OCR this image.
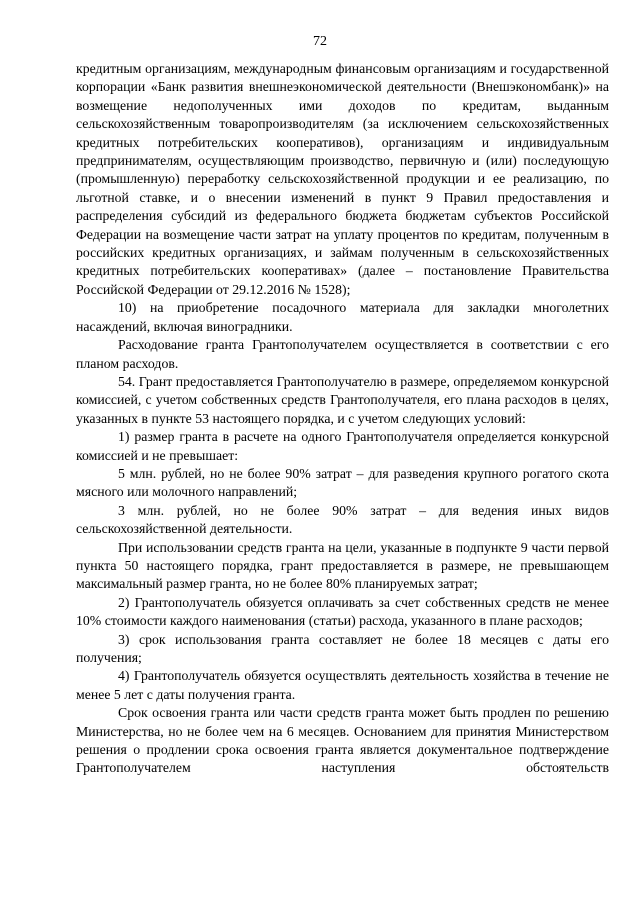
72

кредитным организациям, международным финансовым организациям и государственной корпорации «Банк развития внешнеэкономической деятельности (Внешэкономбанк)» на возмещение недополученных ими доходов по кредитам, выданным сельскохозяйственным товаропроизводителям (за исключением сельскохозяйственных кредитных потребительских кооперативов), организациям и индивидуальным предпринимателям, осуществляющим производство, первичную и (или) последующую (промышленную) переработку сельскохозяйственной продукции и ее реализацию, по льготной ставке, и о внесении изменений в пункт 9 Правил предоставления и распределения субсидий из федерального бюджета бюджетам субъектов Российской Федерации на возмещение части затрат на уплату процентов по кредитам, полученным в российских кредитных организациях, и займам полученным в сельскохозяйственных кредитных потребительских кооперативах» (далее – постановление Правительства Российской Федерации от 29.12.2016 № 1528);

10) на приобретение посадочного материала для закладки многолетних насаждений, включая виноградники.

Расходование гранта Грантополучателем осуществляется в соответствии с его планом расходов.

54. Грант предоставляется Грантополучателю в размере, определяемом конкурсной комиссией, с учетом собственных средств Грантополучателя, его плана расходов в целях, указанных в пункте 53 настоящего порядка, и с учетом следующих условий:

1) размер гранта в расчете на одного Грантополучателя определяется конкурсной комиссией и не превышает:

5 млн. рублей, но не более 90% затрат – для разведения крупного рогатого скота мясного или молочного направлений;

3 млн. рублей, но не более 90% затрат – для ведения иных видов сельскохозяйственной деятельности.

При использовании средств гранта на цели, указанные в подпункте 9 части первой пункта 50 настоящего порядка, грант предоставляется в размере, не превышающем максимальный размер гранта, но не более 80% планируемых затрат;

2) Грантополучатель обязуется оплачивать за счет собственных средств не менее 10% стоимости каждого наименования (статьи) расхода, указанного в плане расходов;

3) срок использования гранта составляет не более 18 месяцев с даты его получения;

4) Грантополучатель обязуется осуществлять деятельность хозяйства в течение не менее 5 лет с даты получения гранта.

Срок освоения гранта или части средств гранта может быть продлен по решению Министерства, но не более чем на 6 месяцев. Основанием для принятия Министерством решения о продлении срока освоения гранта является документальное подтверждение Грантополучателем наступления обстоятельств
